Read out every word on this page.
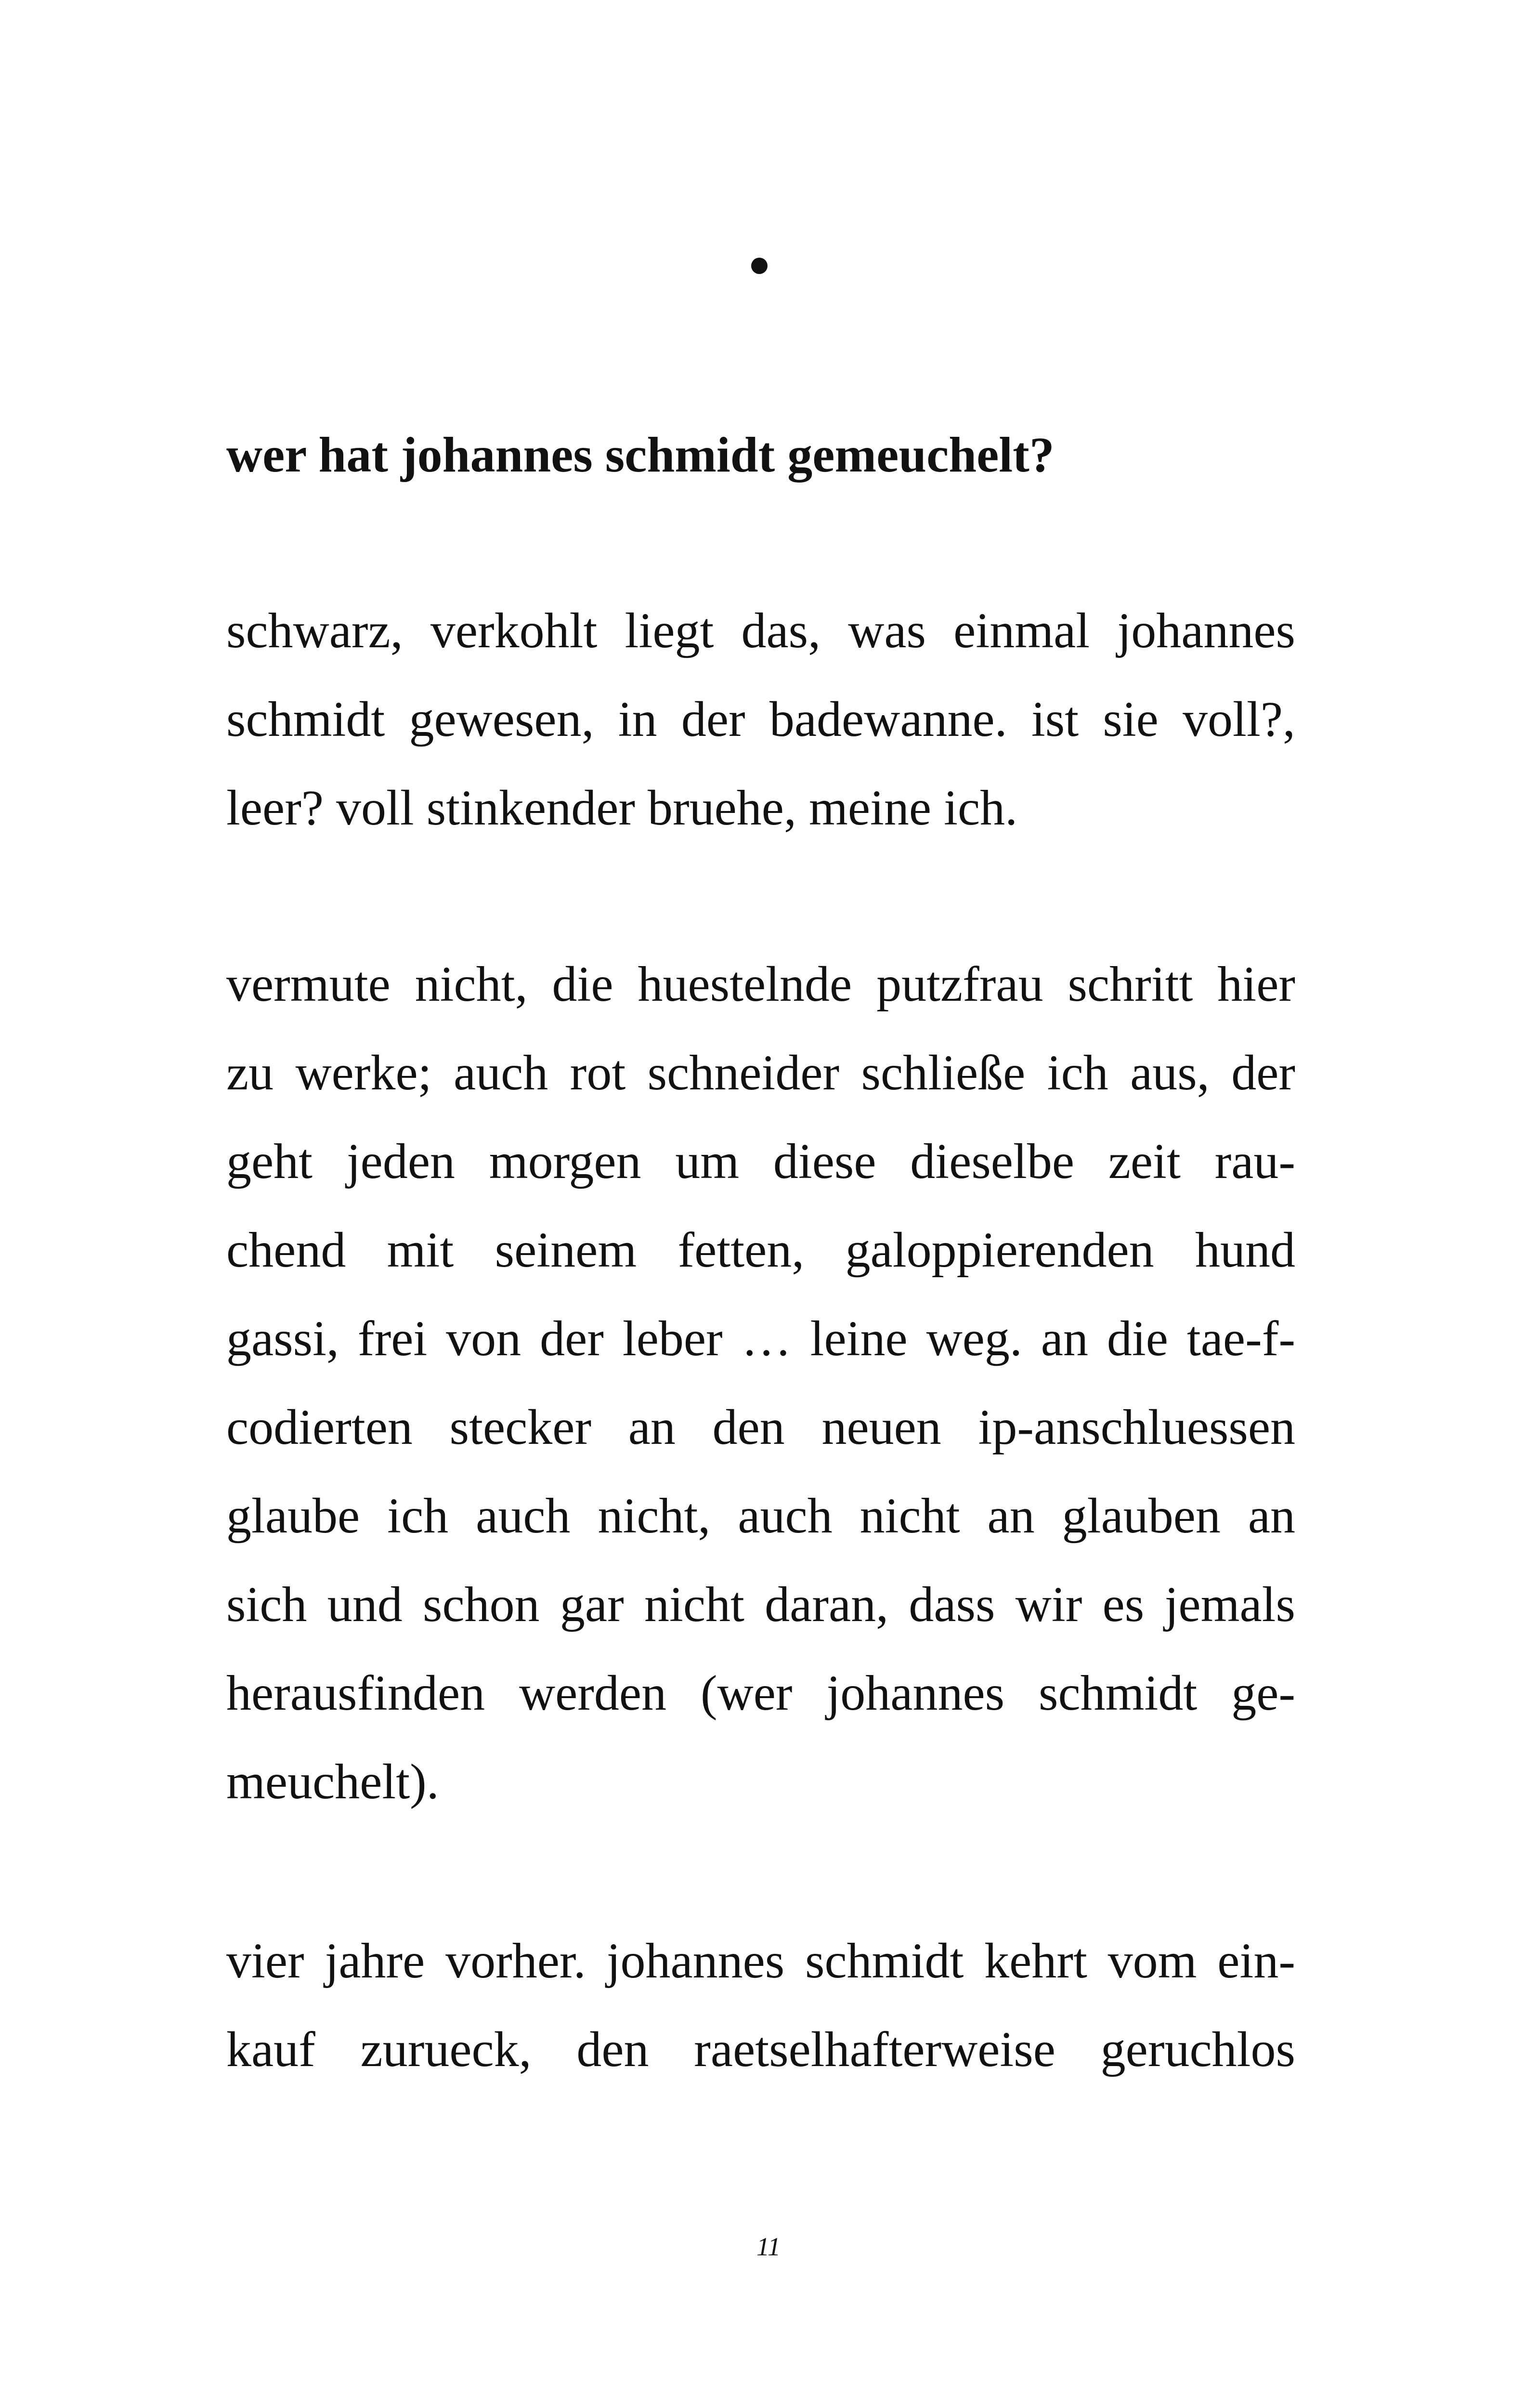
wer hat johannes schmidt gemeuchelt?
schwarz, verkohlt liegt das, was einmal johannes
schmidt gewesen, in der badewanne. ist sie voll?,
leer? voll stinkender bruehe, meine ich.
vermute nicht, die huestelnde putzfrau schritt hier
zu werke; auch rot schneider schließe ich aus, der
geht jeden morgen um diese dieselbe zeit rau-
chend mit seinem fetten, galoppierenden hund
gassi, frei von der leber … leine weg. an die tae-f-
codierten stecker an den neuen ip-anschluessen
glaube ich auch nicht, auch nicht an glauben an
sich und schon gar nicht daran, dass wir es jemals
herausfinden werden (wer johannes schmidt ge-
meuchelt).
vier jahre vorher. johannes schmidt kehrt vom ein-
kauf zurueck, den raetselhafterweise geruchlos
11
